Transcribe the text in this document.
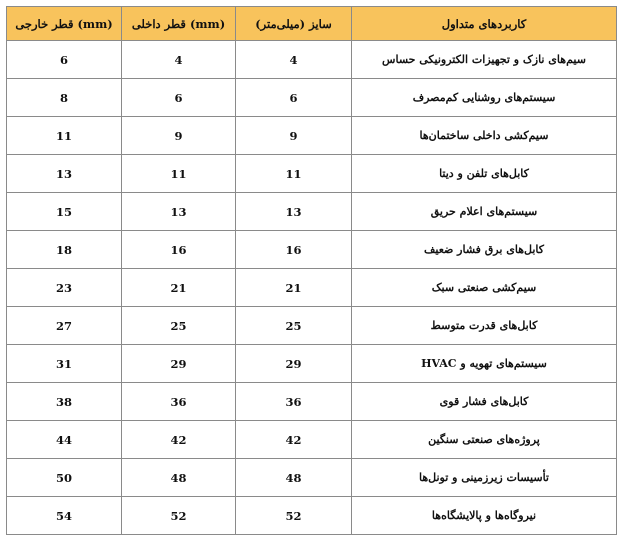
قطر خارجی (mm)	قطر داخلی (mm)	سایز (میلی‌متر)	کاربردهای متداول
6	4	4	سیم‌های نازک و تجهیزات الکترونیکی حساس
8	6	6	سیستم‌های روشنایی کم‌مصرف
11	9	9	سیم‌کشی داخلی ساختمان‌ها
13	11	11	کابل‌های تلفن و دیتا
15	13	13	سیستم‌های اعلام حریق
18	16	16	کابل‌های برق فشار ضعیف
23	21	21	سیم‌کشی صنعتی سبک
27	25	25	کابل‌های قدرت متوسط
31	29	29	سیستم‌های تهویه و HVAC
38	36	36	کابل‌های فشار قوی
44	42	42	پروژه‌های صنعتی سنگین
50	48	48	تأسیسات زیرزمینی و تونل‌ها
54	52	52	نیروگاه‌ها و پالایشگاه‌ها
